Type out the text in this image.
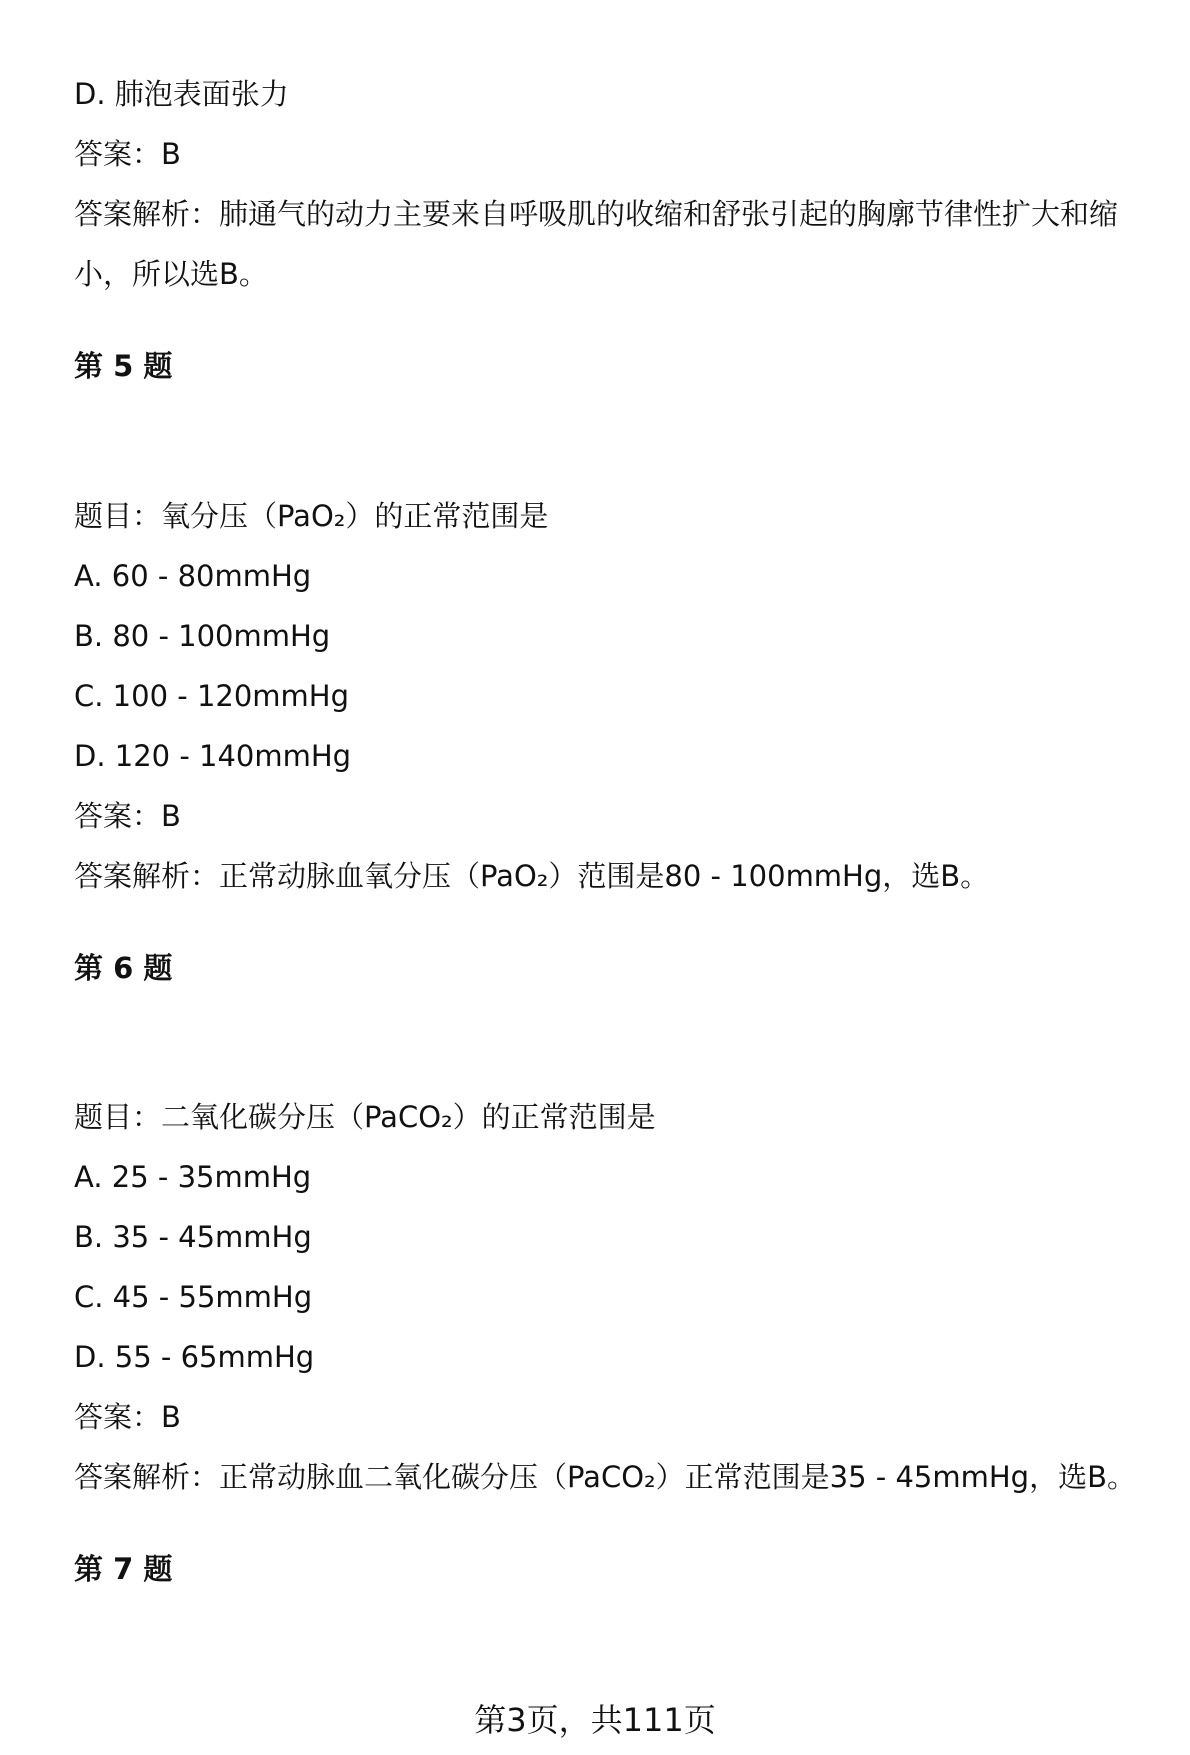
D. 肺泡表面张力
答案：B
答案解析：肺通气的动力主要来自呼吸肌的收缩和舒张引起的胸廓节律性扩大和缩
小，所以选B。
第 5 题
题目：氧分压（PaO₂）的正常范围是
A. 60 - 80mmHg
B. 80 - 100mmHg
C. 100 - 120mmHg
D. 120 - 140mmHg
答案：B
答案解析：正常动脉血氧分压（PaO₂）范围是80 - 100mmHg，选B。
第 6 题
题目：二氧化碳分压（PaCO₂）的正常范围是
A. 25 - 35mmHg
B. 35 - 45mmHg
C. 45 - 55mmHg
D. 55 - 65mmHg
答案：B
答案解析：正常动脉血二氧化碳分压（PaCO₂）正常范围是35 - 45mmHg，选B。
第 7 题
第3页，共111页
